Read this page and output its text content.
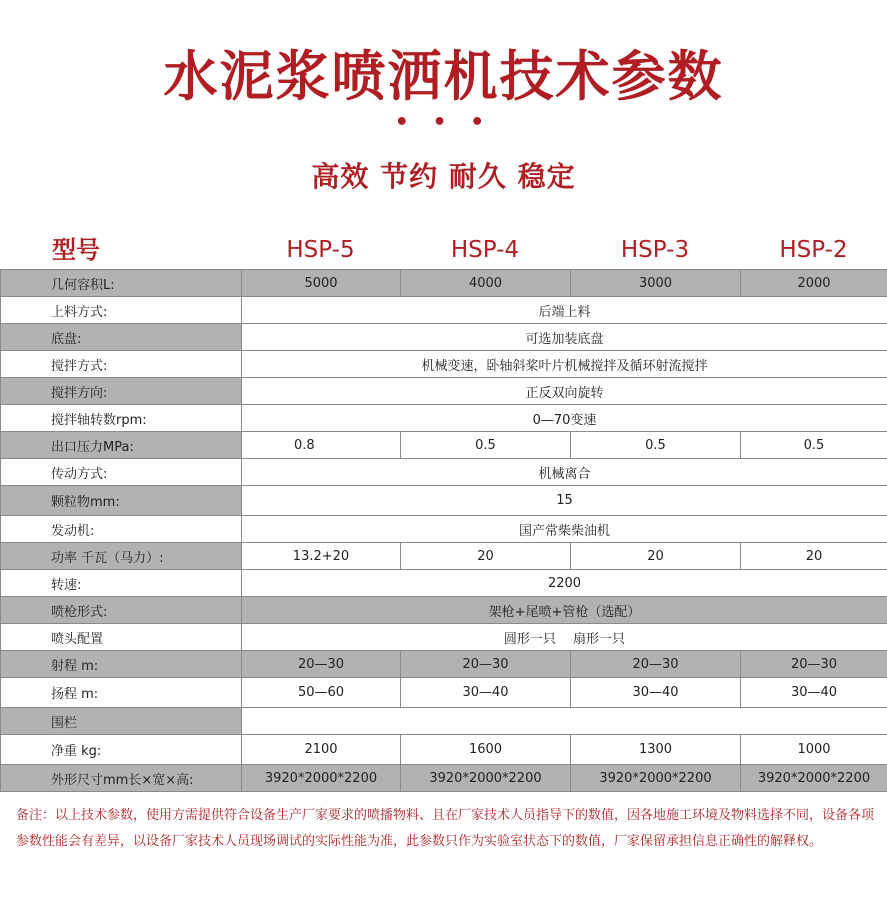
水泥浆喷洒机技术参数
• • •
高效 节约 耐久 稳定
型号	HSP-5	HSP-4	HSP-3	HSP-2
几何容积L:	5000	4000	3000	2000
上料方式:	后端上料			
底盘:	可选加装底盘			
搅拌方式:	机械变速，卧轴斜桨叶片机械搅拌及循环射流搅拌			
搅拌方向:	正反双向旋转			
搅拌轴转数rpm:	0—70变速			
出口压力MPa:	0.8	0.5	0.5	0.5
传动方式:	机械离合			
颗粒物mm:	15			
发动机:	国产常柴柴油机			
功率 千瓦（马力）:	13.2+20	20	20	20
转速:	2200			
喷枪形式:	架枪+尾喷+管枪（选配）			
喷头配置	圆形一只　 扇形一只			
射程 m:	20—30	20—30	20—30	20—30
扬程 m:	50—60	30—40	30—40	30—40
围栏				
净重 kg:	2100	1600	1300	1000
外形尺寸mm长×宽×高:	3920*2000*2200	3920*2000*2200	3920*2000*2200	3920*2000*2200
备注：以上技术参数，使用方需提供符合设备生产厂家要求的喷播物料、且在厂家技术人员指导下的数值，因各地施工环境及物料选择不同，设备各项参数性能会有差异，以设备厂家技术人员现场调试的实际性能为准，此参数只作为实验室状态下的数值，厂家保留承担信息正确性的解释权。
